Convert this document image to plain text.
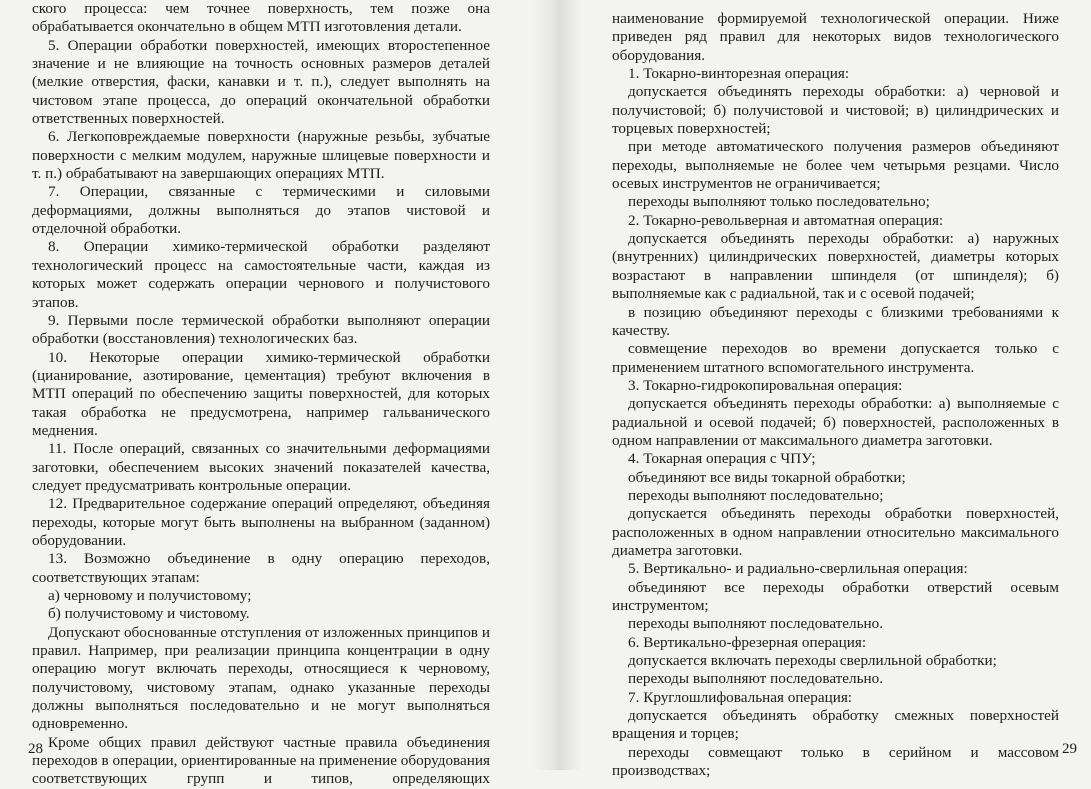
ского процесса: чем точнее поверхность, тем позже она обрабатывается окончательно в общем МТП изготовления детали.

5. Операции обработки поверхностей, имеющих второстепенное значение и не влияющие на точность основных размеров деталей (мелкие отверстия, фаски, канавки и т. п.), следует выполнять на чистовом этапе процесса, до операций окончательной обработки ответственных поверхностей.

6. Легкоповреждаемые поверхности (наружные резьбы, зубчатые поверхности с мелким модулем, наружные шлицевые поверхности и т. п.) обрабатывают на завершающих операциях МТП.

7. Операции, связанные с термическими и силовыми деформациями, должны выполняться до этапов чистовой и отделочной обработки.

8. Операции химико-термической обработки разделяют технологический процесс на самостоятельные части, каждая из которых может содержать операции чернового и получистового этапов.

9. Первыми после термической обработки выполняют операции обработки (восстановления) технологических баз.

10. Некоторые операции химико-термической обработки (цианирование, азотирование, цементация) требуют включения в МТП операций по обеспечению защиты поверхностей, для которых такая обработка не предусмотрена, например гальванического меднения.

11. После операций, связанных со значительными деформациями заготовки, обеспечением высоких значений показателей качества, следует предусматривать контрольные операции.

12. Предварительное содержание операций определяют, объединяя переходы, которые могут быть выполнены на выбранном (заданном) оборудовании.

13. Возможно объединение в одну операцию переходов, соответствующих этапам:

а) черновому и получистовому;

б) получистовому и чистовому.

Допускают обоснованные отступления от изложенных принципов и правил. Например, при реализации принципа концентрации в одну операцию могут включать переходы, относящиеся к черновому, получистовому, чистовому этапам, однако указанные переходы должны выполняться последовательно и не могут выполняться одновременно.

Кроме общих правил действуют частные правила объединения переходов в операции, ориентированные на применение оборудования соответствующих групп и типов, определяющих

28

наименование формируемой технологической операции. Ниже приведен ряд правил для некоторых видов технологического оборудования.

1. Токарно-винторезная операция:

допускается объединять переходы обработки: а) черновой и получистовой; б) получистовой и чистовой; в) цилиндрических и торцевых поверхностей;

при методе автоматического получения размеров объединяют переходы, выполняемые не более чем четырьмя резцами. Число осевых инструментов не ограничивается;

переходы выполняют только последовательно;

2. Токарно-револьверная и автоматная операция:

допускается объединять переходы обработки: а) наружных (внутренних) цилиндрических поверхностей, диаметры которых возрастают в направлении шпинделя (от шпинделя); б) выполняемые как с радиальной, так и с осевой подачей;

в позицию объединяют переходы с близкими требованиями к качеству.

совмещение переходов во времени допускается только с применением штатного вспомогательного инструмента.

3. Токарно-гидрокопировальная операция:

допускается объединять переходы обработки: а) выполняемые с радиальной и осевой подачей; б) поверхностей, расположенных в одном направлении от максимального диаметра заготовки.

4. Токарная операция с ЧПУ;

объединяют все виды токарной обработки;

переходы выполняют последовательно;

допускается объединять переходы обработки поверхностей, расположенных в одном направлении относительно максимального диаметра заготовки.

5. Вертикально- и радиально-сверлильная операция:

объединяют все переходы обработки отверстий осевым инструментом;

переходы выполняют последовательно.

6. Вертикально-фрезерная операция:

допускается включать переходы сверлильной обработки;

переходы выполняют последовательно.

7. Круглошлифовальная операция:

допускается объединять обработку смежных поверхностей вращения и торцев;

переходы совмещают только в серийном и массовом производствах;

29
